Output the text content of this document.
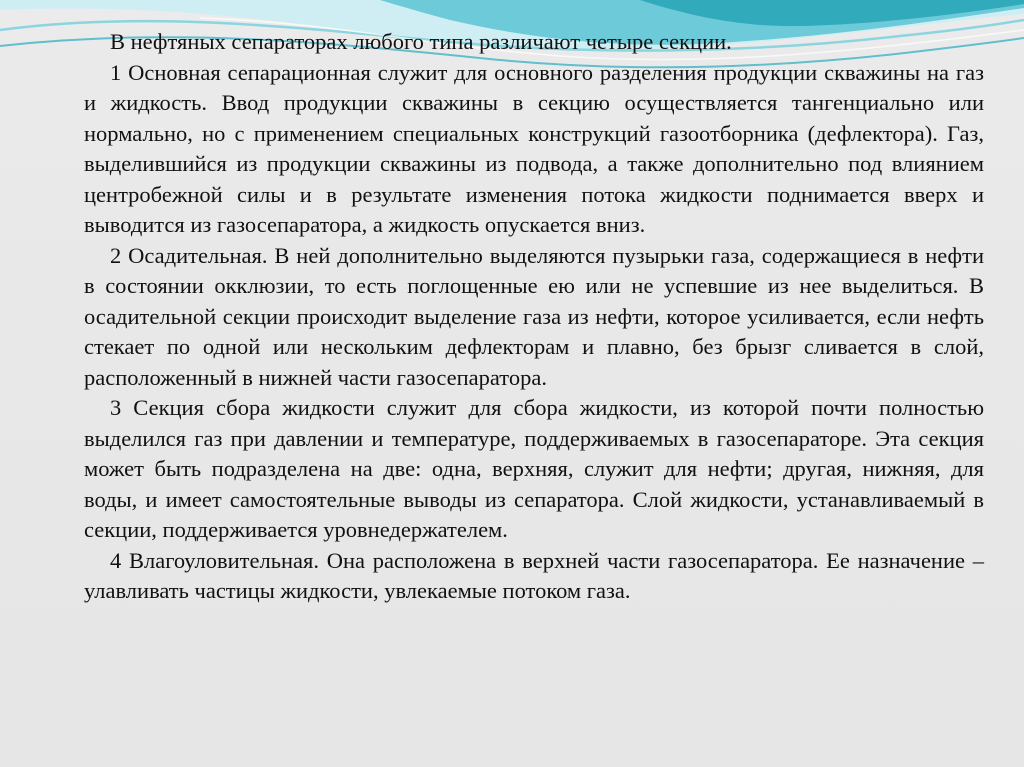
В нефтяных сепараторах любого типа различают четыре секции.

1 Основная сепарационная служит для основного разделения продукции скважины на газ и жидкость. Ввод продукции скважины в секцию осуществляется тангенциально или нормально, но с применением специальных конструкций газоотборника (дефлектора). Газ, выделившийся из продукции скважины из подвода, а также дополнительно под влиянием центробежной силы и в результате изменения потока жидкости поднимается вверх и выводится из газосепаратора, а жидкость опускается вниз.

2 Осадительная. В ней дополнительно выделяются пузырьки газа, содержащиеся в нефти в состоянии окклюзии, то есть поглощенные ею или не успевшие из нее выделиться. В осадительной секции происходит выделение газа из нефти, которое усиливается, если нефть стекает по одной или нескольким дефлекторам и плавно, без брызг сливается в слой, расположенный в нижней части газосепаратора.

3 Секция сбора жидкости служит для сбора жидкости, из которой почти полностью выделился газ при давлении и температуре, поддерживаемых в газосепараторе. Эта секция может быть подразделена на две: одна, верхняя, служит для нефти; другая, нижняя, для воды, и имеет самостоятельные выводы из сепаратора. Слой жидкости, устанавливаемый в секции, поддерживается уровнедержателем.

4 Влагоуловительная. Она расположена в верхней части газосепаратора. Ее назначение – улавливать частицы жидкости, увлекаемые потоком газа.
